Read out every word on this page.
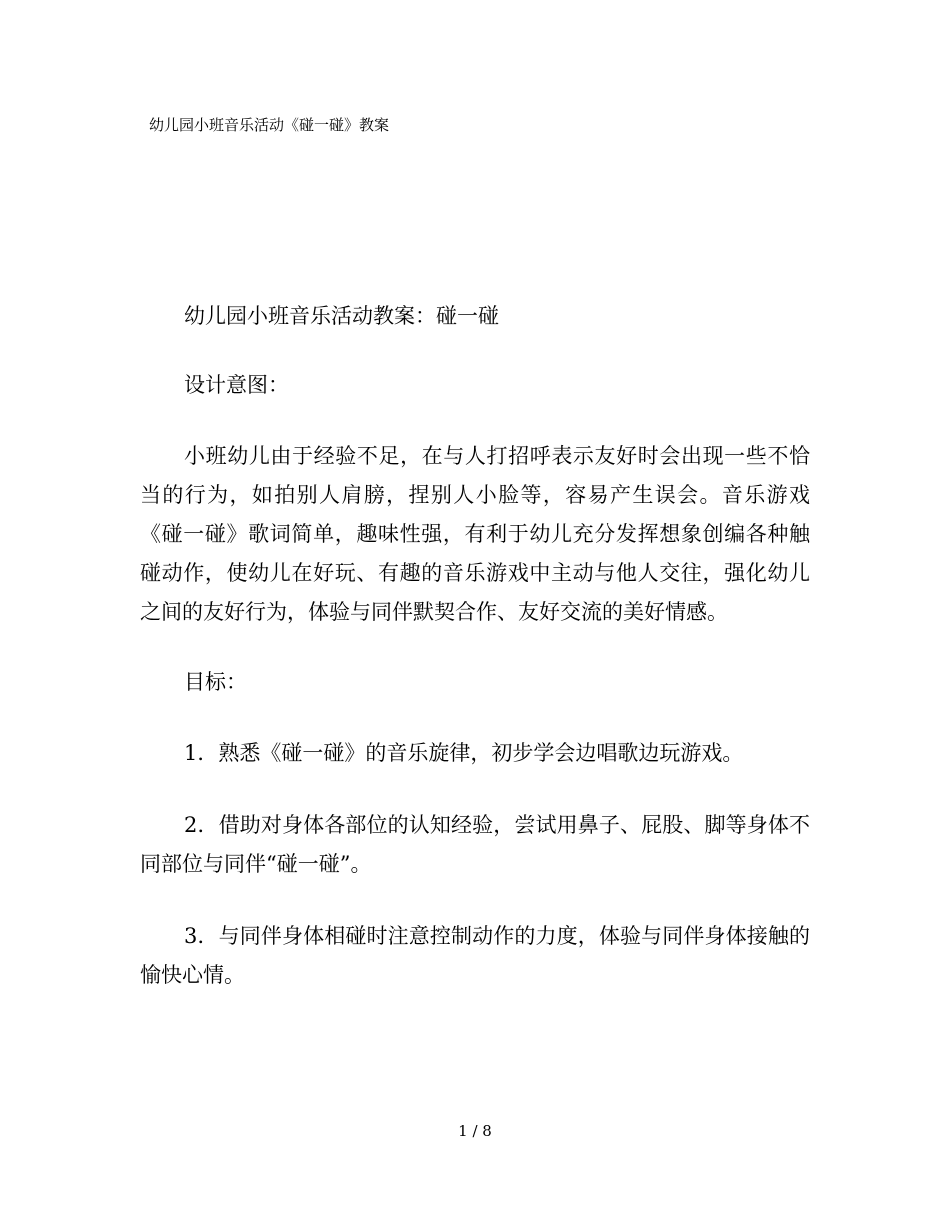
幼儿园小班音乐活动《碰一碰》教案

幼儿园小班音乐活动教案：碰一碰

设计意图：

小班幼儿由于经验不足，在与人打招呼表示友好时会出现一些不恰当的行为，如拍别人肩膀，捏别人小脸等，容易产生误会。音乐游戏《碰一碰》歌词简单，趣味性强，有利于幼儿充分发挥想象创编各种触碰动作，使幼儿在好玩、有趣的音乐游戏中主动与他人交往，强化幼儿之间的友好行为，体验与同伴默契合作、友好交流的美好情感。

目标：

1．熟悉《碰一碰》的音乐旋律，初步学会边唱歌边玩游戏。

2．借助对身体各部位的认知经验，尝试用鼻子、屁股、脚等身体不同部位与同伴“碰一碰”。

3．与同伴身体相碰时注意控制动作的力度，体验与同伴身体接触的愉快心情。

1 / 8
